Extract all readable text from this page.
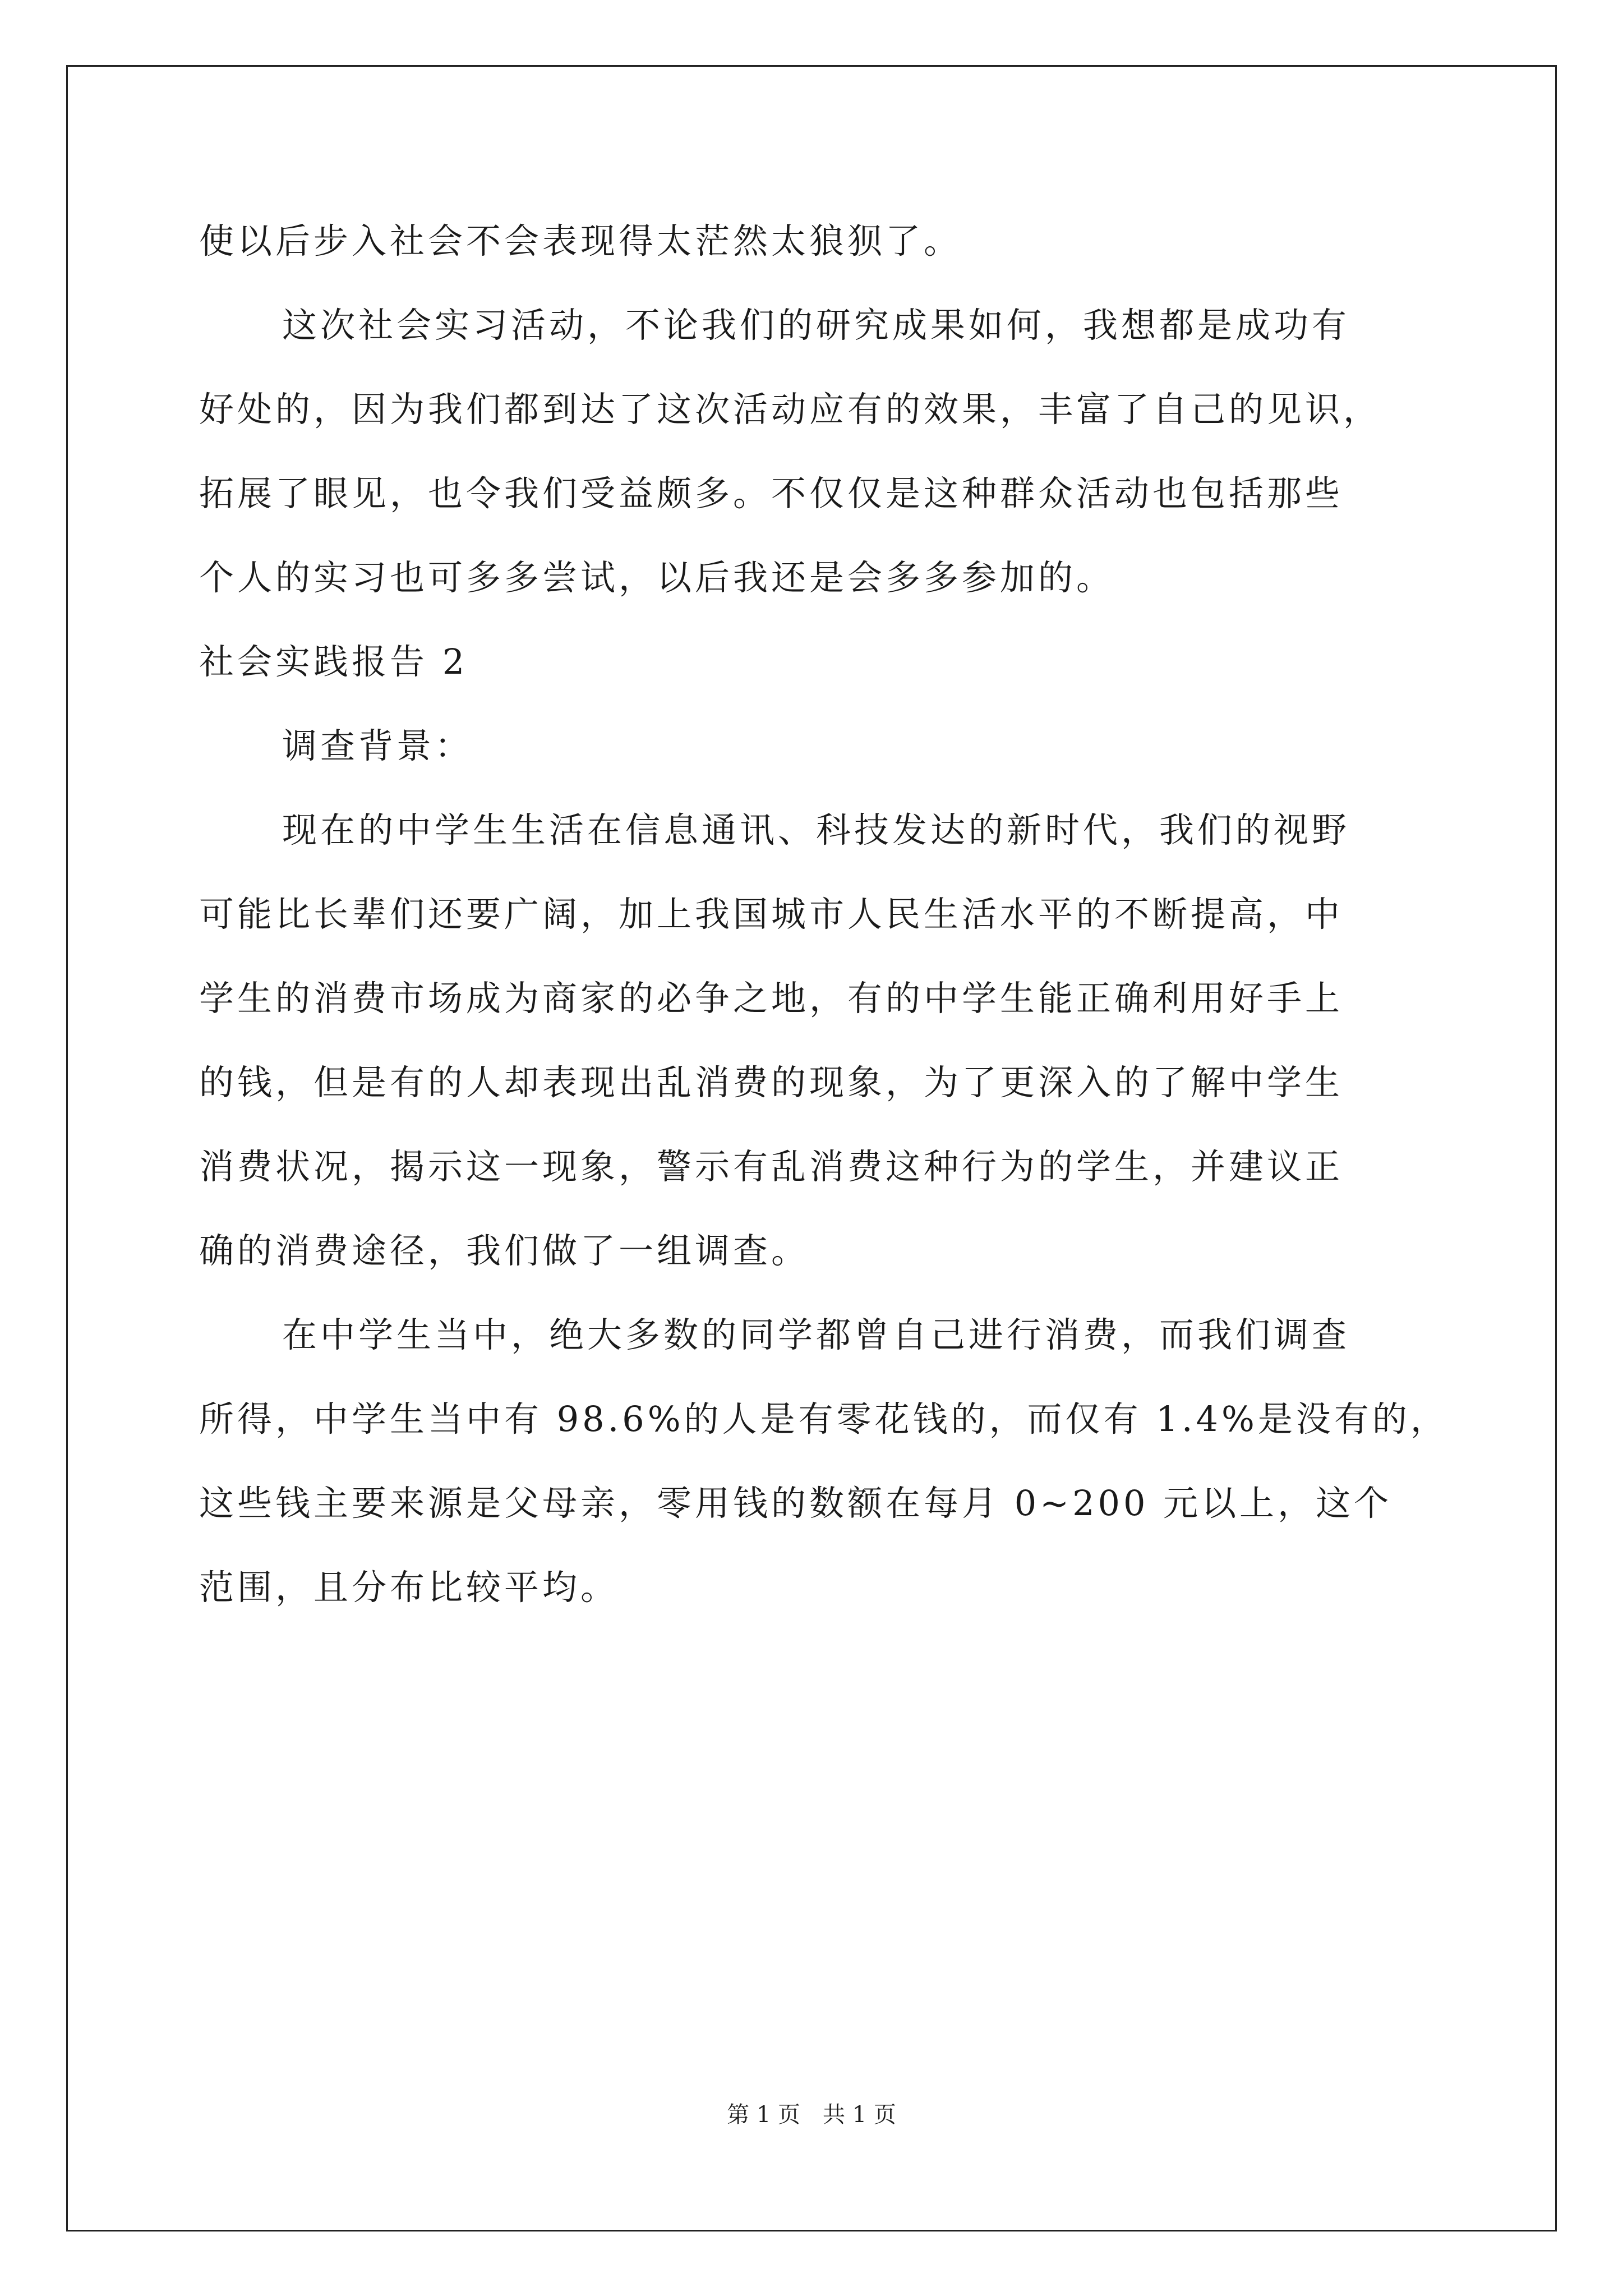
使以后步入社会不会表现得太茫然太狼狈了。
这次社会实习活动，不论我们的研究成果如何，我想都是成功有
好处的，因为我们都到达了这次活动应有的效果，丰富了自己的见识，
拓展了眼见，也令我们受益颇多。不仅仅是这种群众活动也包括那些
个人的实习也可多多尝试，以后我还是会多多参加的。
社会实践报告 2
调查背景：
现在的中学生生活在信息通讯、科技发达的新时代，我们的视野
可能比长辈们还要广阔，加上我国城市人民生活水平的不断提高，中
学生的消费市场成为商家的必争之地，有的中学生能正确利用好手上
的钱，但是有的人却表现出乱消费的现象，为了更深入的了解中学生
消费状况，揭示这一现象，警示有乱消费这种行为的学生，并建议正
确的消费途径，我们做了一组调查。
在中学生当中，绝大多数的同学都曾自己进行消费，而我们调查
所得，中学生当中有 98.6%的人是有零花钱的，而仅有 1.4%是没有的，
这些钱主要来源是父母亲，零用钱的数额在每月 0~200 元以上，这个
范围，且分布比较平均。
第 1 页　共 1 页
